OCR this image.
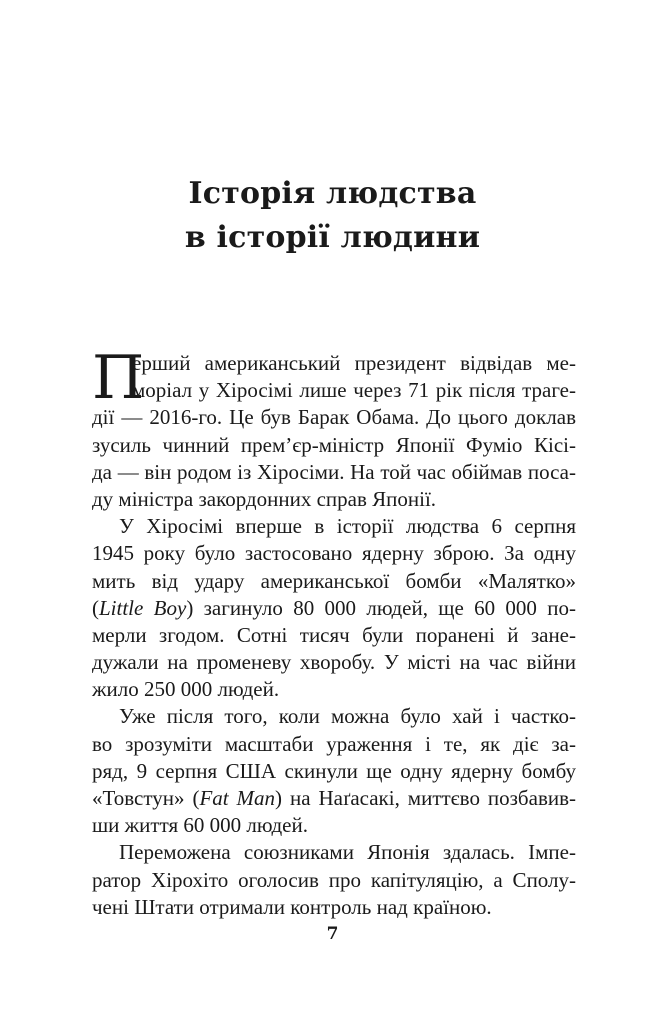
Історія людства
в історії людини
П
ерший американський президент відвідав ме-
моріал у Хіросімі лише через 71 рік після траге-
дії — 2016-го. Це був Барак Обама. До цього доклав
зусиль чинний прем’єр-міністр Японії Фуміо Кісі-
да — він родом із Хіросіми. На той час обіймав поса-
ду міністра закордонних справ Японії.
У Хіросімі вперше в історії людства 6 серпня
1945 року було застосовано ядерну зброю. За одну
мить від удару американської бомби «Малятко»
(Little Boy) загинуло 80 000 людей, ще 60 000 по-
мерли згодом. Сотні тисяч були поранені й зане-
дужали на променеву хворобу. У місті на час війни
жило 250 000 людей.
Уже після того, коли можна було хай і частко-
во зрозуміти масштаби ураження і те, як діє за-
ряд, 9 серпня США скинули ще одну ядерну бомбу
«Товстун» (Fat Man) на Наґасакі, миттєво позбавив-
ши життя 60 000 людей.
Переможена союзниками Японія здалась. Імпе-
ратор Хірохіто оголосив про капітуляцію, а Сполу-
чені Штати отримали контроль над країною.
7
